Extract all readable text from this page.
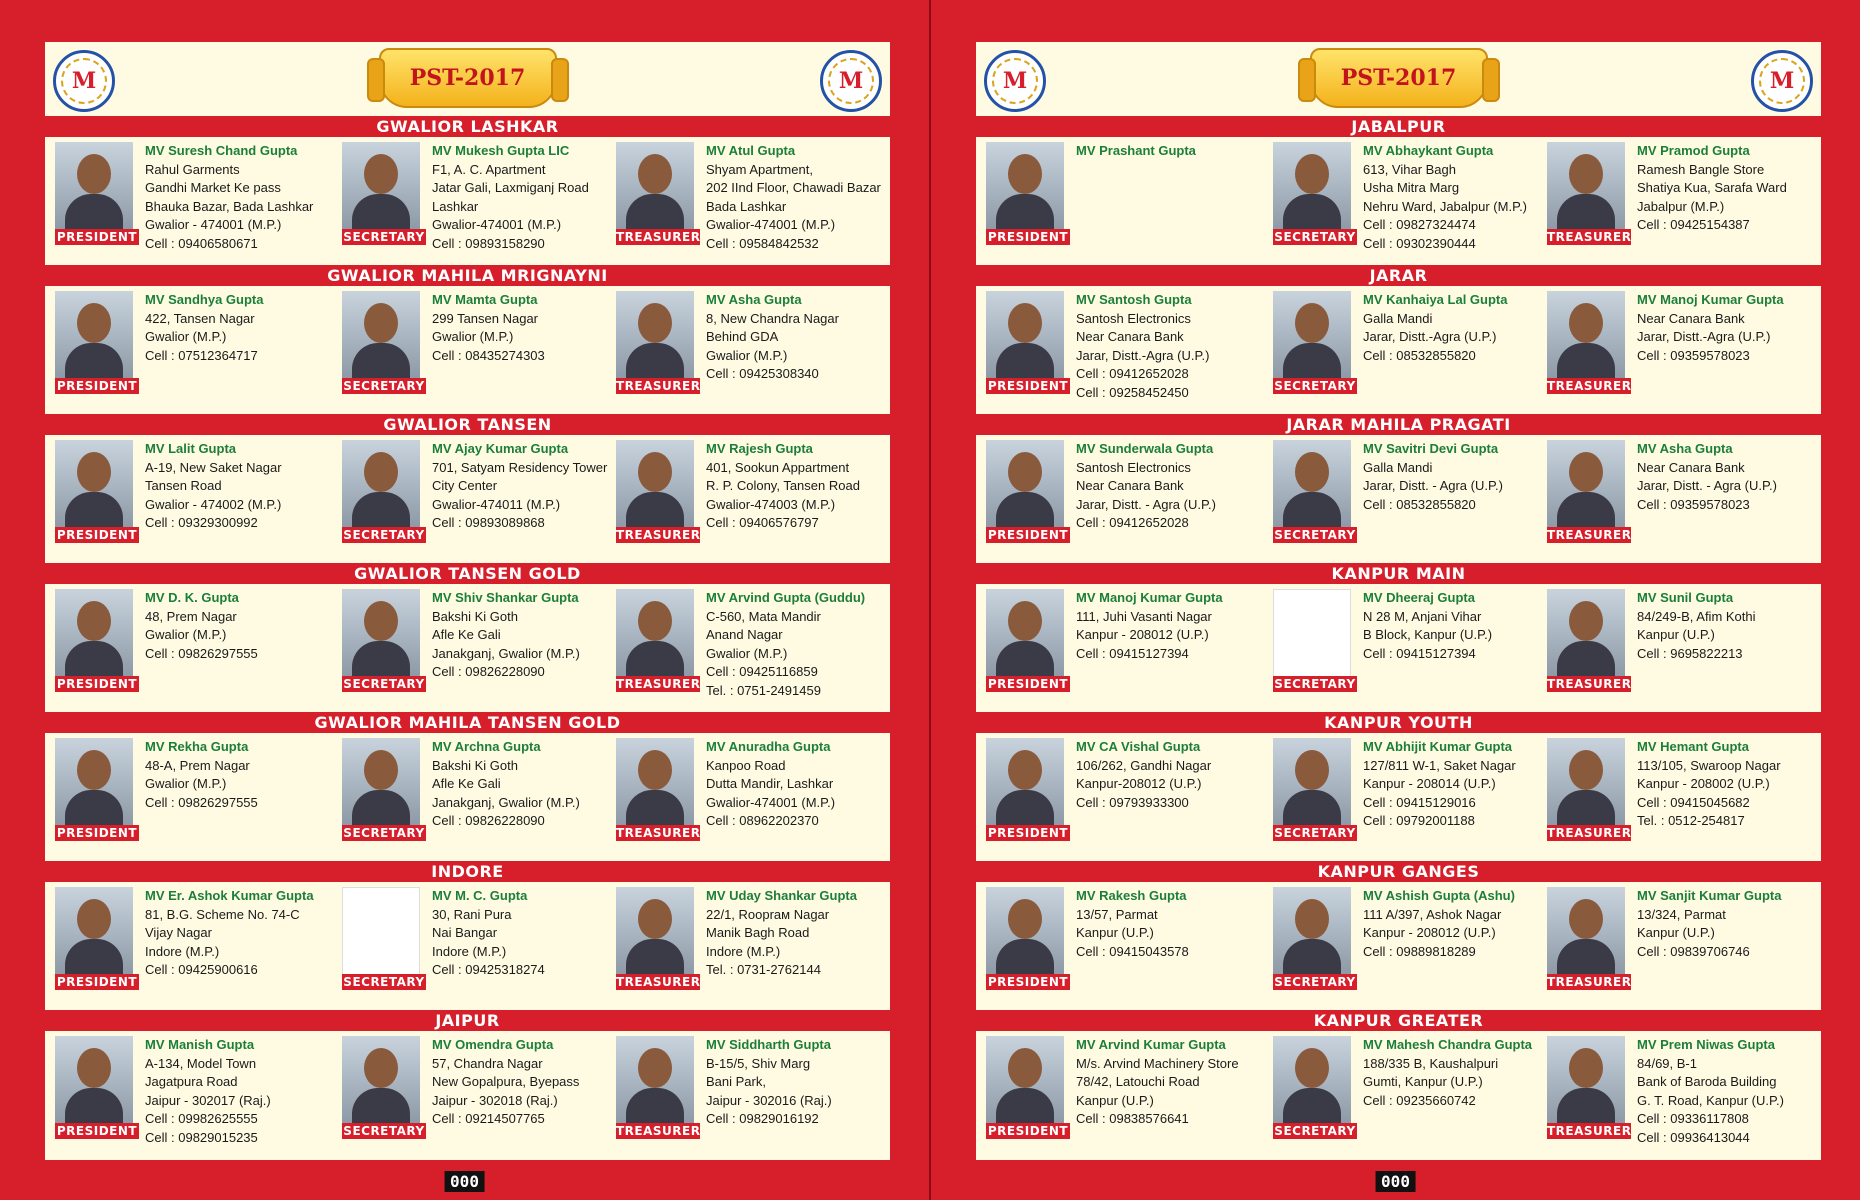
M	M
PST-2017
GWALIOR LASHKAR
PRESIDENT
MV Suresh Chand Gupta
Rahul Garments
Gandhi Market Ke pass
Bhauka Bazar, Bada Lashkar
Gwalior - 474001 (M.P.)
Cell : 09406580671	SECRETARY
MV Mukesh Gupta LIC
F1, A. C. Apartment
Jatar Gali, Laxmiganj Road
Lashkar
Gwalior-474001 (M.P.)
Cell : 09893158290	TREASURER
MV Atul Gupta
Shyam Apartment,
202 IInd Floor, Chawadi Bazar
Bada Lashkar
Gwalior-474001 (M.P.)
Cell : 09584842532
GWALIOR MAHILA MRIGNAYNI
PRESIDENT
MV Sandhya Gupta
422, Tansen Nagar
Gwalior (M.P.)
Cell : 07512364717
SECRETARY
MV Mamta Gupta
299 Tansen Nagar
Gwalior (M.P.)
Cell : 08435274303
TREASURER
MV Asha Gupta
8, New Chandra Nagar
Behind GDA
Gwalior (M.P.)
Cell : 09425308340
GWALIOR TANSEN
PRESIDENT
MV Lalit Gupta
A-19, New Saket Nagar
Tansen Road
Gwalior - 474002 (M.P.)
Cell : 09329300992
SECRETARY
MV Ajay Kumar Gupta
701, Satyam Residency Tower
City Center
Gwalior-474011 (M.P.)
Cell : 09893089868
TREASURER
MV Rajesh Gupta
401, Sookun Appartment
R. P. Colony, Tansen Road
Gwalior-474003 (M.P.)
Cell : 09406576797
GWALIOR TANSEN GOLD
PRESIDENT
MV D. K. Gupta
48, Prem Nagar
Gwalior (M.P.)
Cell : 09826297555
SECRETARY
MV Shiv Shankar Gupta
Bakshi Ki Goth
Afle Ke Gali
Janakganj, Gwalior (M.P.)
Cell : 09826228090
TREASURER
MV Arvind Gupta (Guddu)
C-560, Mata Mandir
Anand Nagar
Gwalior (M.P.)
Cell : 09425116859
Tel. : 0751-2491459
GWALIOR MAHILA TANSEN GOLD
PRESIDENT
MV Rekha Gupta
48-A, Prem Nagar
Gwalior (M.P.)
Cell : 09826297555
SECRETARY
MV Archna Gupta
Bakshi Ki Goth
Afle Ke Gali
Janakganj, Gwalior (M.P.)
Cell : 09826228090
TREASURER
MV Anuradha Gupta
Kanpoo Road
Dutta Mandir, Lashkar
Gwalior-474001 (M.P.)
Cell : 08962202370
INDORE
PRESIDENT
MV Er. Ashok Kumar Gupta
81, B.G. Scheme No. 74-C
Vijay Nagar
Indore (M.P.)
Cell : 09425900616
SECRETARY
MV M. C. Gupta
30, Rani Pura
Nai Bangar
Indore (M.P.)
Cell : 09425318274
TREASURER
MV Uday Shankar Gupta
22/1, Rooprам Nagar
Manik Bagh Road
Indore (M.P.)
Tel. : 0731-2762144
JAIPUR
PRESIDENT
MV Manish Gupta
A-134, Model Town
Jagatpura Road
Jaipur - 302017 (Raj.)
Cell : 09982625555
Cell : 09829015235	SECRETARY
MV Omendra Gupta
57, Chandra Nagar
New Gopalpura, Byepass
Jaipur - 302018 (Raj.)
Cell : 09214507765
TREASURER
MV Siddharth Gupta
B-15/5, Shiv Marg
Bani Park,
Jaipur - 302016 (Raj.)
Cell : 09829016192
000
M	M
PST-2017
JABALPUR
PRESIDENT
MV Prashant Gupta
SECRETARY
MV Abhaykant Gupta
613, Vihar Bagh
Usha Mitra Marg
Nehru Ward, Jabalpur (M.P.)
Cell : 09827324474
Cell : 09302390444	TREASURER
MV Pramod Gupta
Ramesh Bangle Store
Shatiya Kua, Sarafa Ward
Jabalpur (M.P.)
Cell : 09425154387
JARAR
PRESIDENT
MV Santosh Gupta
Santosh Electronics
Near Canara Bank
Jarar, Distt.-Agra (U.P.)
Cell : 09412652028
Cell : 09258452450	SECRETARY
MV Kanhaiya Lal Gupta
Galla Mandi
Jarar, Distt.-Agra (U.P.)
Cell : 08532855820
TREASURER
MV Manoj Kumar Gupta
Near Canara Bank
Jarar, Distt.-Agra (U.P.)
Cell : 09359578023
JARAR MAHILA PRAGATI
PRESIDENT
MV Sunderwala Gupta
Santosh Electronics
Near Canara Bank
Jarar, Distt. - Agra (U.P.)
Cell : 09412652028
SECRETARY
MV Savitri Devi Gupta
Galla Mandi
Jarar, Distt. - Agra (U.P.)
Cell : 08532855820
TREASURER
MV Asha Gupta
Near Canara Bank
Jarar, Distt. - Agra (U.P.)
Cell : 09359578023
KANPUR MAIN
PRESIDENT
MV Manoj Kumar Gupta
111, Juhi Vasanti Nagar
Kanpur - 208012 (U.P.)
Cell : 09415127394
SECRETARY
MV Dheeraj Gupta
N 28 M, Anjani Vihar
B Block, Kanpur (U.P.)
Cell : 09415127394
TREASURER
MV Sunil Gupta
84/249-B, Afim Kothi
Kanpur (U.P.)
Cell : 9695822213
KANPUR YOUTH
PRESIDENT
MV CA Vishal Gupta
106/262, Gandhi Nagar
Kanpur-208012 (U.P.)
Cell : 09793933300
SECRETARY
MV Abhijit Kumar Gupta
127/811 W-1, Saket Nagar
Kanpur - 208014 (U.P.)
Cell : 09415129016
Cell : 09792001188
TREASURER
MV Hemant Gupta
113/105, Swaroop Nagar
Kanpur - 208002 (U.P.)
Cell : 09415045682
Tel. : 0512-254817
KANPUR GANGES
PRESIDENT
MV Rakesh Gupta
13/57, Parmat
Kanpur (U.P.)
Cell : 09415043578
SECRETARY
MV Ashish Gupta (Ashu)
111 A/397, Ashok Nagar
Kanpur - 208012 (U.P.)
Cell : 09889818289
TREASURER
MV Sanjit Kumar Gupta
13/324, Parmat
Kanpur (U.P.)
Cell : 09839706746
KANPUR GREATER
PRESIDENT
MV Arvind Kumar Gupta
M/s. Arvind Machinery Store
78/42, Latouchi Road
Kanpur (U.P.)
Cell : 09838576641
SECRETARY
MV Mahesh Chandra Gupta
188/335 B, Kaushalpuri
Gumti, Kanpur (U.P.)
Cell : 09235660742
TREASURER
MV Prem Niwas Gupta
84/69, B-1
Bank of Baroda Building
G. T. Road, Kanpur (U.P.)
Cell : 09336117808
Cell : 09936413044
000
